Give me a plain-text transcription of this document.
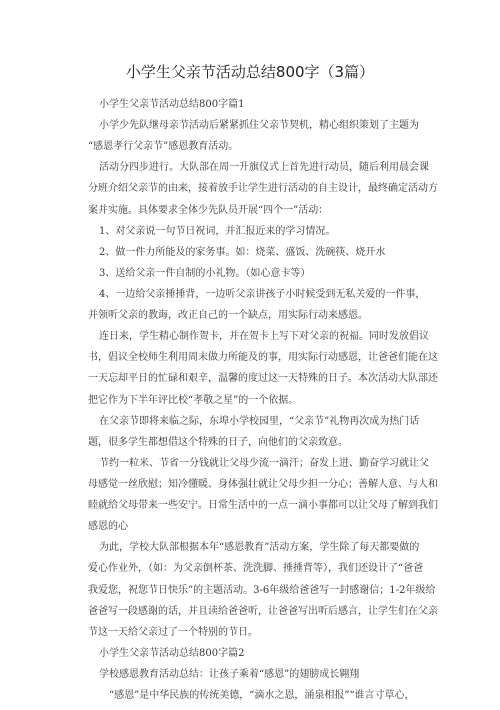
小学生父亲节活动总结800字（3篇）
小学生父亲节活动总结800字篇1
小学少先队继母亲节活动后紧紧抓住父亲节契机，精心组织策划了主题为
“感恩孝行父亲节”感恩教育活动。
活动分四步进行。大队部在周一升旗仪式上首先进行动员，随后利用晨会课
分班介绍父亲节的由来，接着放手让学生进行活动的自主设计，最终确定活动方
案并实施。具体要求全体少先队员开展“四个一”活动：
1、对父亲说一句节日祝词，并汇报近来的学习情况。
2、做一件力所能及的家务事。如：烧菜、盛饭、洗碗筷、烧开水
3、送给父亲一件自制的小礼物。（如心意卡等）
4、一边给父亲捶捶背，一边听父亲讲孩子小时候受到无私关爱的一件事，
并领听父亲的教诲，改正自己的一个缺点，用实际行动来感恩。
连日来，学生精心制作贺卡，并在贺卡上写下对父亲的祝福。同时发放倡议
书，倡议全校师生利用周末做力所能及的事，用实际行动感恩，让爸爸们能在这
一天忘却平日的忙碌和艰辛，温馨的度过这一天特殊的日子。本次活动大队部还
把它作为下半年评比校“孝敬之星”的一个依据。
在父亲节即将来临之际，东埠小学校园里，“父亲节”礼物再次成为热门话
题，很多学生都想借这个特殊的日子，向他们的父亲致意。
节约一粒米、节省一分钱就让父母少流一滴汗；奋发上进、勤奋学习就让父
母感觉一丝欣慰；知冷懂暖、身体强壮就让父母少担一分心；善解人意、与人和
睦就给父母带来一些安宁。日常生活中的一点一滴小事都可以让父母了解到我们
感恩的心
为此，学校大队部根据本年“感恩教育”活动方案，学生除了每天都要做的
爱心作业外，（如：为父亲倒杯茶、洗洗脚、捶捶背等），我们还设计了“爸爸
我爱您，祝您节日快乐”的主题活动。3-6年级给爸爸写一封感谢信；1-2年级给
爸爸写一段感谢的话，并且读给爸爸听，让爸爸写出听后感言，让学生们在父亲
节这一天给父亲过了一个特别的节日。
小学生父亲节活动总结800字篇2
学校感恩教育活动总结：让孩子乘着“感恩”的翅膀成长翱翔
“感恩”是中华民族的传统美德，“滴水之恩，涌泉相报”“谁言寸草心，
